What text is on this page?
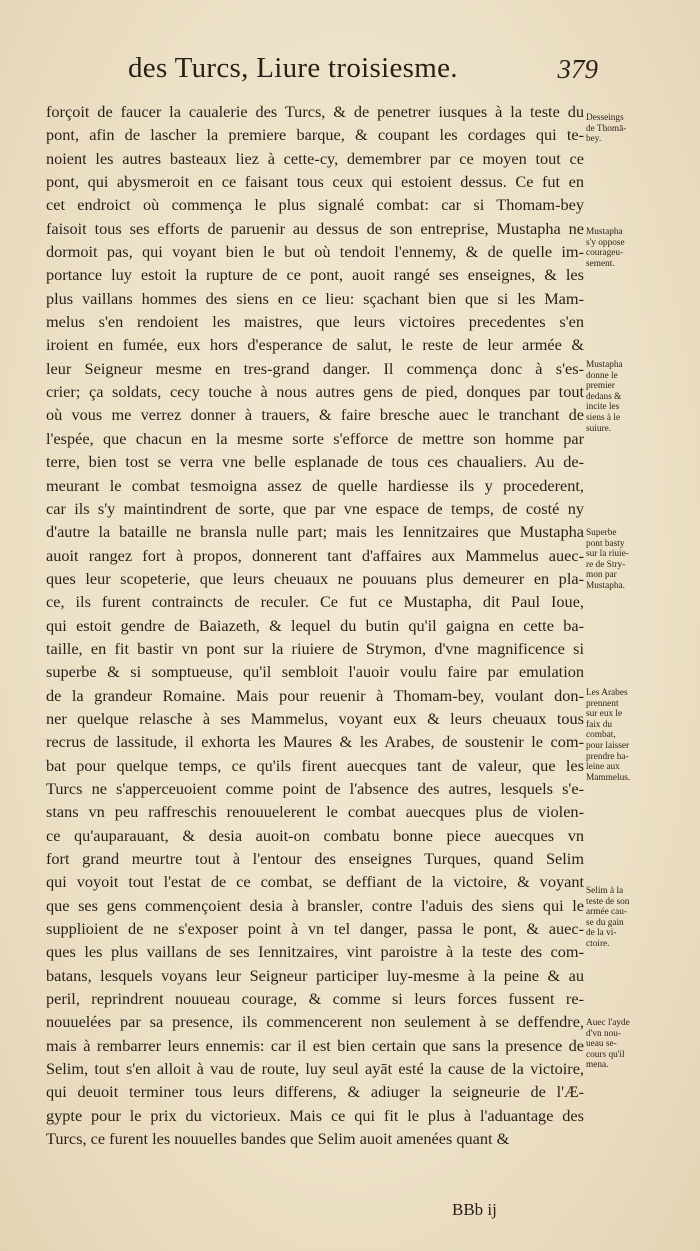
des Turcs, Liure troisiesme.	379
forçoit de faucer la caualerie des Turcs, & de penetrer iusques à la teste du
pont, afin de lascher la premiere barque, & coupant les cordages qui te-
noient les autres basteaux liez à cette-cy, demembrer par ce moyen tout ce
pont, qui abysmeroit en ce faisant tous ceux qui estoient dessus. Ce fut en
cet endroict où commença le plus signalé combat: car si Thomam-bey
faisoit tous ses efforts de paruenir au dessus de son entreprise, Mustapha ne
dormoit pas, qui voyant bien le but où tendoit l'ennemy, & de quelle im-
portance luy estoit la rupture de ce pont, auoit rangé ses enseignes, & les
plus vaillans hommes des siens en ce lieu: sçachant bien que si les Mam-
melus s'en rendoient les maistres, que leurs victoires precedentes s'en
iroient en fumée, eux hors d'esperance de salut, le reste de leur armée &
leur Seigneur mesme en tres-grand danger. Il commença donc à s'es-
crier; ça soldats, cecy touche à nous autres gens de pied, donques par tout
où vous me verrez donner à trauers, & faire bresche auec le tranchant de
l'espée, que chacun en la mesme sorte s'efforce de mettre son homme par
terre, bien tost se verra vne belle esplanade de tous ces chaualiers. Au de-
meurant le combat tesmoigna assez de quelle hardiesse ils y procederent,
car ils s'y maintindrent de sorte, que par vne espace de temps, de costé ny
d'autre la bataille ne bransla nulle part; mais les Iennitzaires que Mustapha
auoit rangez fort à propos, donnerent tant d'affaires aux Mammelus auec-
ques leur scopeterie, que leurs cheuaux ne pouuans plus demeurer en pla-
ce, ils furent contraincts de reculer. Ce fut ce Mustapha, dit Paul Ioue,
qui estoit gendre de Baiazeth, & lequel du butin qu'il gaigna en cette ba-
taille, en fit bastir vn pont sur la riuiere de Strymon, d'vne magnificence si
superbe & si somptueuse, qu'il sembloit l'auoir voulu faire par emulation
de la grandeur Romaine. Mais pour reuenir à Thomam-bey, voulant don-
ner quelque relasche à ses Mammelus, voyant eux & leurs cheuaux tous
recrus de lassitude, il exhorta les Maures & les Arabes, de soustenir le com-
bat pour quelque temps, ce qu'ils firent auecques tant de valeur, que les
Turcs ne s'apperceuoient comme point de l'absence des autres, lesquels s'e-
stans vn peu raffreschis renouuelerent le combat auecques plus de violen-
ce qu'auparauant, & desia auoit-on combatu bonne piece auecques vn
fort grand meurtre tout à l'entour des enseignes Turques, quand Selim
qui voyoit tout l'estat de ce combat, se deffiant de la victoire, & voyant
que ses gens commençoient desia à bransler, contre l'aduis des siens qui le
supplioient de ne s'exposer point à vn tel danger, passa le pont, & auec-
ques les plus vaillans de ses Iennitzaires, vint paroistre à la teste des com-
batans, lesquels voyans leur Seigneur participer luy-mesme à la peine & au
peril, reprindrent nouueau courage, & comme si leurs forces fussent re-
nouuelées par sa presence, ils commencerent non seulement à se deffendre,
mais à rembarrer leurs ennemis: car il est bien certain que sans la presence de
Selim, tout s'en alloit à vau de route, luy seul ayāt esté la cause de la victoire,
qui deuoit terminer tous leurs differens, & adiuger la seigneurie de l'Æ-
gypte pour le prix du victorieux. Mais ce qui fit le plus à l'aduantage des
Turcs, ce furent les nouuelles bandes que Selim auoit amenées quant &
Desseings
de Thomā-
bey.
Mustapha
s'y oppose
courageu-
sement.
Mustapha
donne le
premier
dedans &
incite les
siens à le
suiure.
Superbe
pont basty
sur la riuie-
re de Stry-
mon par
Mustapha.
Les Arabes
prennent
sur eux le
faix du
combat,
pour laisser
prendre ha-
leine aux
Mammelus.
Selim à la
teste de son
armée cau-
se du gain
de la vi-
ctoire.
Auec l'ayde
d'vn nou-
ueau se-
cours qu'il
mena.
BBb ij
